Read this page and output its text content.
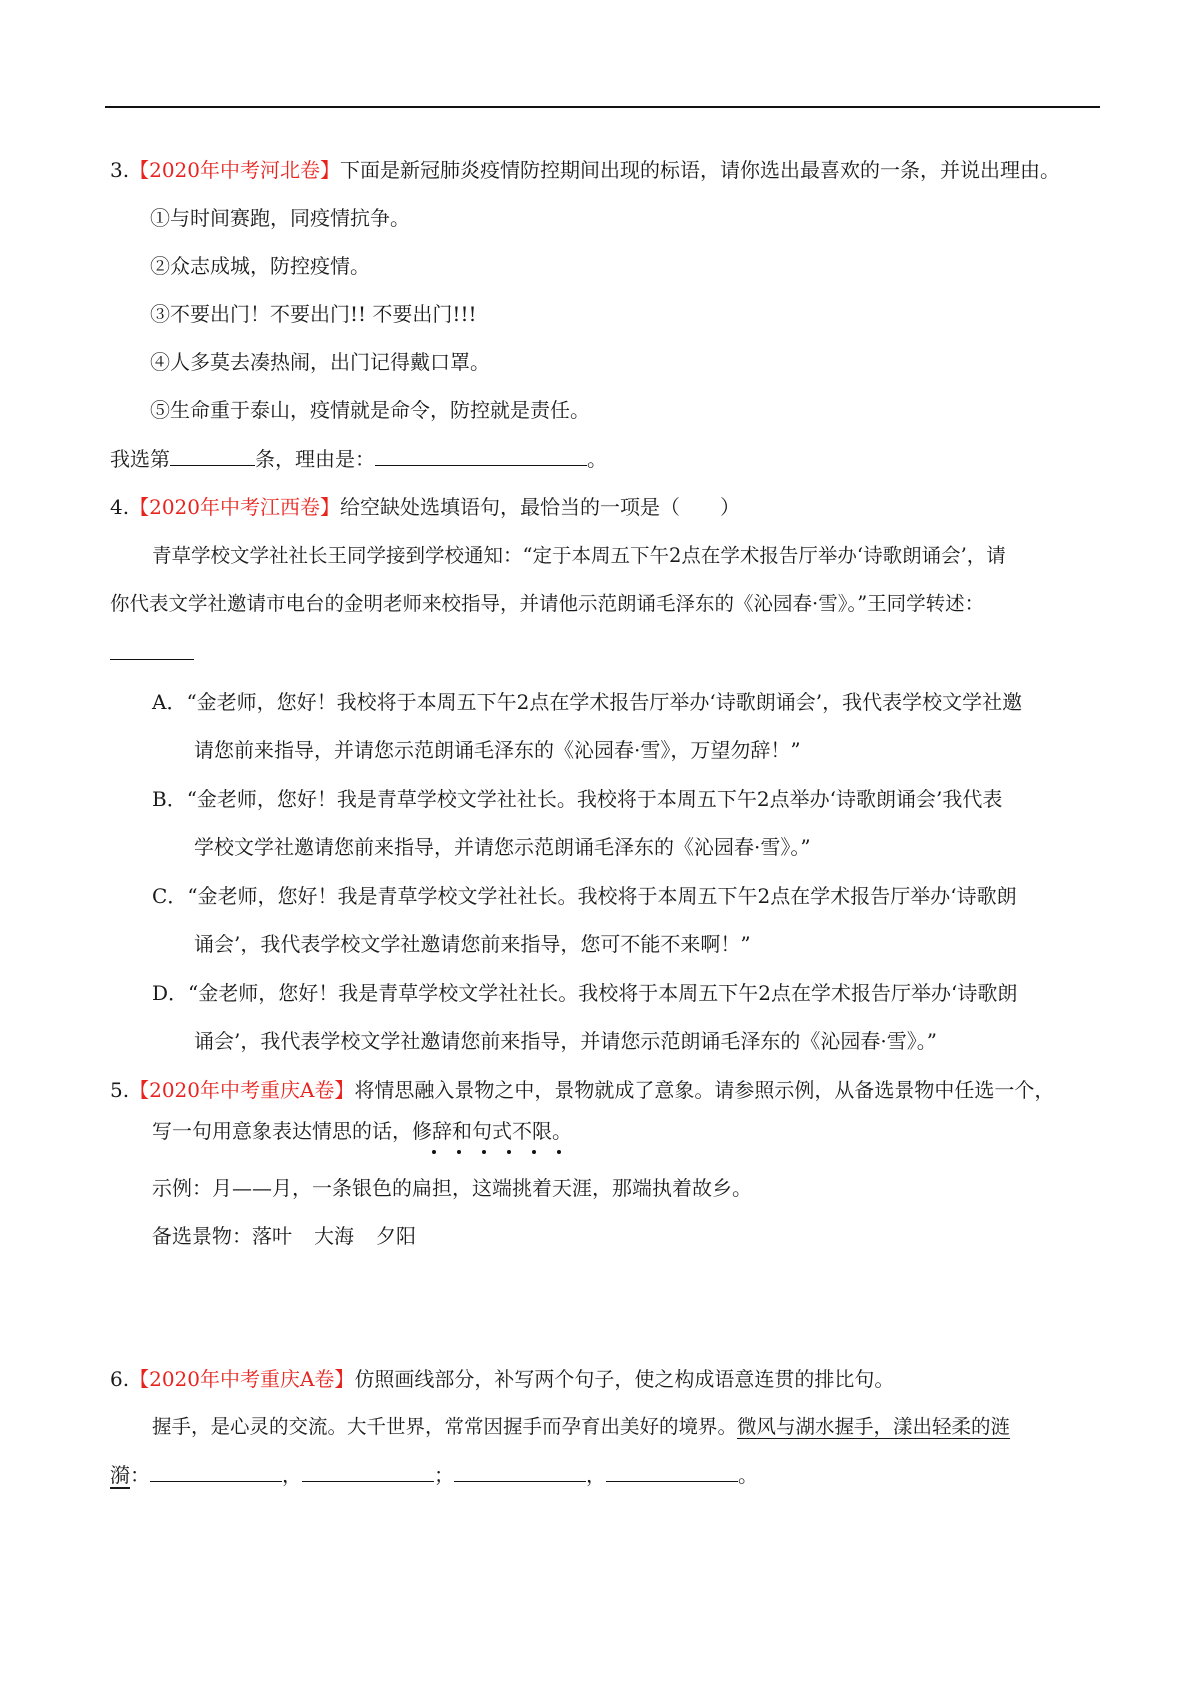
3.【2020年中考河北卷】下面是新冠肺炎疫情防控期间出现的标语，请你选出最喜欢的一条，并说出理由。
①与时间赛跑，同疫情抗争。
②众志成城，防控疫情。
③不要出门！不要出门!! 不要出门!!!
④人多莫去凑热闹，出门记得戴口罩。
⑤生命重于泰山，疫情就是命令，防控就是责任。
我选第	条，理由是：	。
4.【2020年中考江西卷】给空缺处选填语句，最恰当的一项是（　　）
青草学校文学社社长王同学接到学校通知：“定于本周五下午2点在学术报告厅举办‘诗歌朗诵会’，请
你代表文学社邀请市电台的金明老师来校指导，并请他示范朗诵毛泽东的《沁园春·雪》。”王同学转述：
A．“金老师，您好！我校将于本周五下午2点在学术报告厅举办‘诗歌朗诵会’，我代表学校文学社邀
请您前来指导，并请您示范朗诵毛泽东的《沁园春·雪》，万望勿辞！”
B．“金老师，您好！我是青草学校文学社社长。我校将于本周五下午2点举办‘诗歌朗诵会’我代表
学校文学社邀请您前来指导，并请您示范朗诵毛泽东的《沁园春·雪》。”
C．“金老师，您好！我是青草学校文学社社长。我校将于本周五下午2点在学术报告厅举办‘诗歌朗
诵会’，我代表学校文学社邀请您前来指导，您可不能不来啊！”
D．“金老师，您好！我是青草学校文学社社长。我校将于本周五下午2点在学术报告厅举办‘诗歌朗
诵会’，我代表学校文学社邀请您前来指导，并请您示范朗诵毛泽东的《沁园春·雪》。”
5.【2020年中考重庆A卷】将情思融入景物之中，景物就成了意象。请参照示例，从备选景物中任选一个，
写一句用意象表达情思的话，修辞和句式不限。
示例：月——月，一条银色的扁担，这端挑着天涯，那端执着故乡。
备选景物：落叶 大海 夕阳
6.【2020年中考重庆A卷】仿照画线部分，补写两个句子，使之构成语意连贯的排比句。
握手，是心灵的交流。大千世界，常常因握手而孕育出美好的境界。微风与湖水握手，漾出轻柔的涟
漪：	，	；	，	。
